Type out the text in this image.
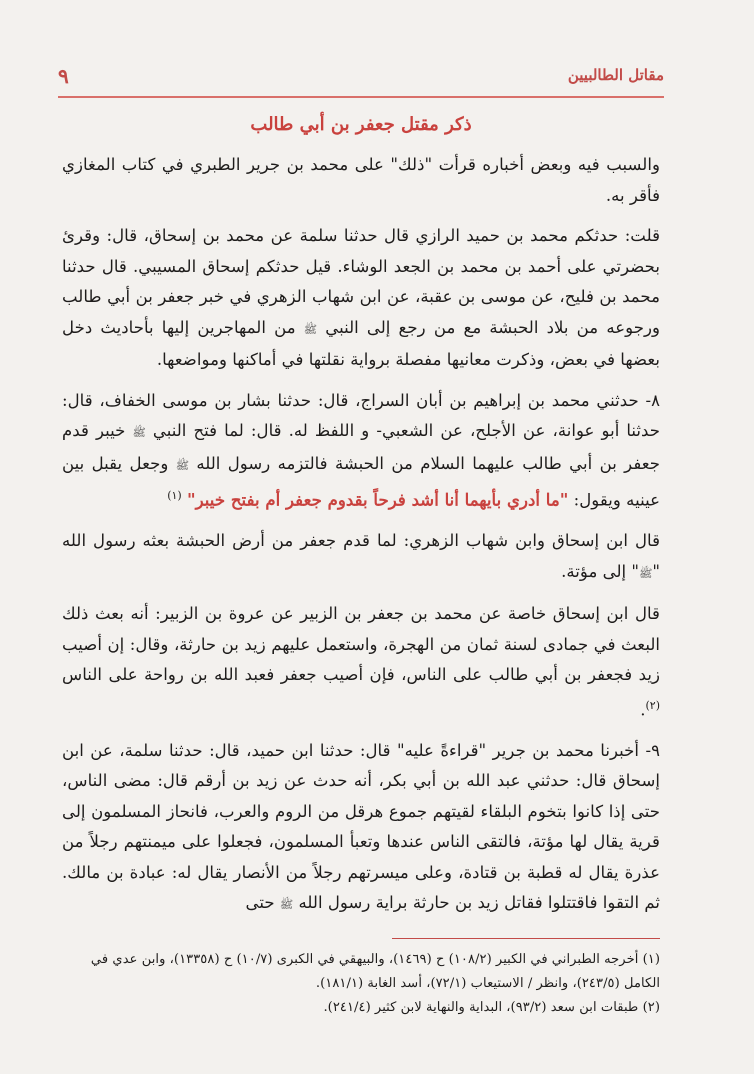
مقاتل الطالبيين
٩
ذكر مقتل جعفر بن أبي طالب

والسبب فيه وبعض أخباره قرأت "ذلك" على محمد بن جرير الطبري في كتاب المغازي فأقر به.

قلت: حدثكم محمد بن حميد الرازي قال حدثنا سلمة عن محمد بن إسحاق، قال: وقرئ بحضرتي على أحمد بن محمد بن الجعد الوشاء. قيل حدثكم إسحاق المسيبي. قال حدثنا محمد بن فليح، عن موسى بن عقبة، عن ابن شهاب الزهري في خبر جعفر بن أبي طالب ورجوعه من بلاد الحبشة مع من رجع إلى النبي ﷺ من المهاجرين إليها بأحاديث دخل بعضها في بعض، وذكرت معانيها مفصلة برواية نقلتها في أماكنها ومواضعها.

٨- حدثني محمد بن إبراهيم بن أبان السراج، قال: حدثنا بشار بن موسى الخفاف، قال: حدثنا أبو عوانة، عن الأجلح، عن الشعبي- و اللفظ له. قال: لما فتح النبي ﷺ خيبر قدم جعفر بن أبي طالب عليهما السلام من الحبشة فالتزمه رسول الله ﷺ وجعل يقبل بين عينيه ويقول: "ما أدري بأيهما أنا أشد فرحاً بقدوم جعفر أم بفتح خيبر" $^{(١)}$

قال ابن إسحاق وابن شهاب الزهري: لما قدم جعفر من أرض الحبشة بعثه رسول الله "ﷺ" إلى مؤتة.

قال ابن إسحاق خاصة عن محمد بن جعفر بن الزبير عن عروة بن الزبير: أنه بعث ذلك البعث في جمادى لسنة ثمان من الهجرة، واستعمل عليهم زيد بن حارثة، وقال: إن أصيب زيد فجعفر بن أبي طالب على الناس، فإن أصيب جعفر فعبد الله بن رواحة على الناس $^{(٢)}$.

٩- أخبرنا محمد بن جرير "قراءةً عليه" قال: حدثنا ابن حميد، قال: حدثنا سلمة، عن ابن إسحاق قال: حدثني عبد الله بن أبي بكر، أنه حدث عن زيد بن أرقم قال: مضى الناس، حتى إذا كانوا بتخوم البلقاء لقيتهم جموع هرقل من الروم والعرب، فانحاز المسلمون إلى قرية يقال لها مؤتة، فالتقى الناس عندها وتعبأ المسلمون، فجعلوا على ميمنتهم رجلاً من عذرة يقال له قطبة بن قتادة، وعلى ميسرتهم رجلاً من الأنصار يقال له: عبادة بن مالك. ثم التقوا فاقتتلوا فقاتل زيد بن حارثة براية رسول الله ﷺ حتى

(١) أخرجه الطبراني في الكبير (١٠٨/٢) ح (١٤٦٩)، والبيهقي في الكبرى (١٠/٧) ح (١٣٣٥٨)، وابن عدي في الكامل (٢٤٣/٥)، وانظر / الاستيعاب (٧٢/١)، أسد الغابة (١٨١/١).

(٢) طبقات ابن سعد (٩٣/٢)، البداية والنهاية لابن كثير (٢٤١/٤).
